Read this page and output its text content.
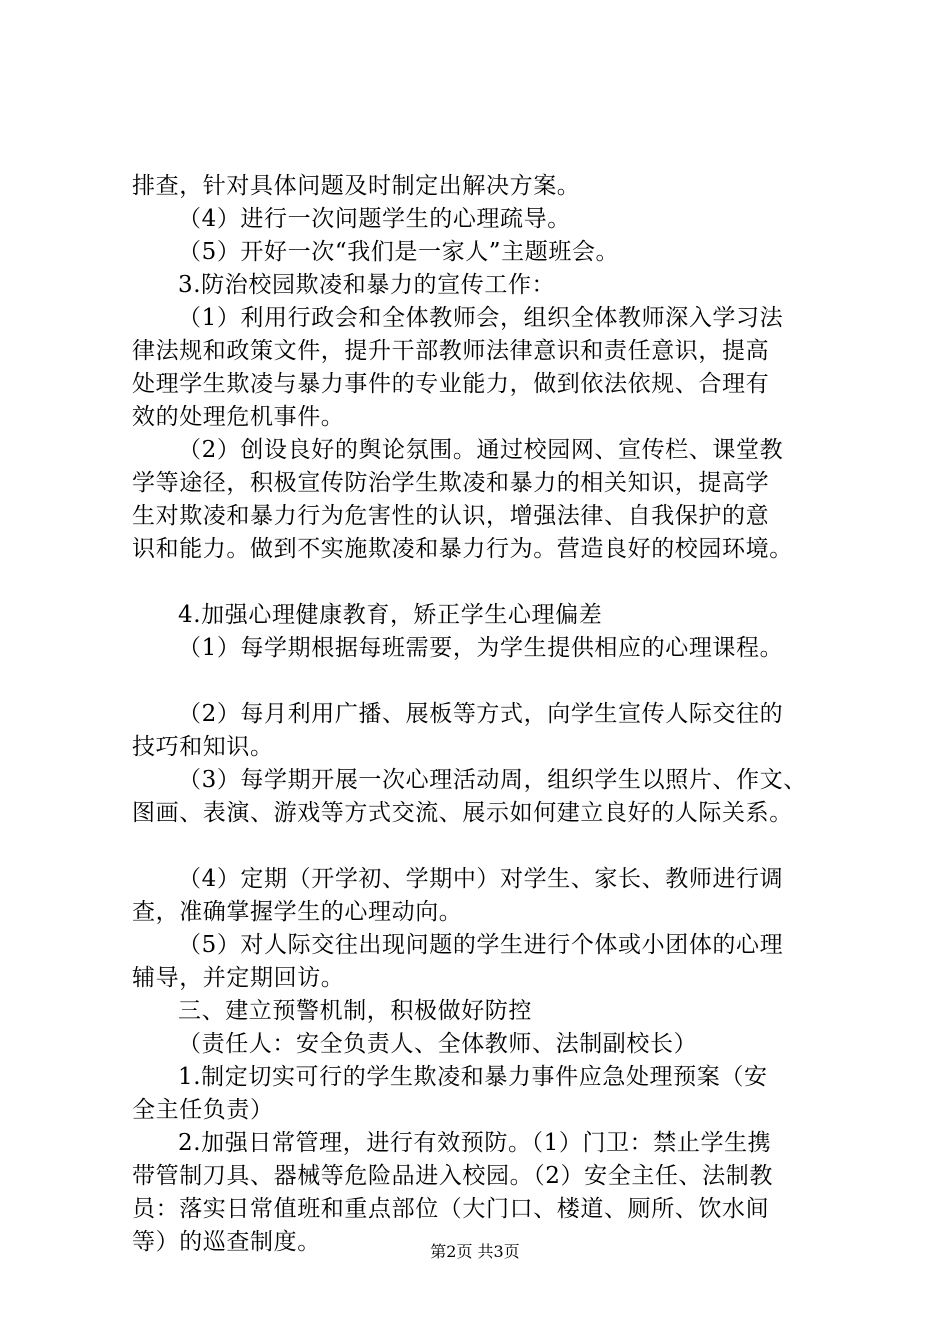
排查，针对具体问题及时制定出解决方案。
（4）进行一次问题学生的心理疏导。
（5）开好一次“我们是一家人”主题班会。
3.防治校园欺凌和暴力的宣传工作：
（1）利用行政会和全体教师会，组织全体教师深入学习法
律法规和政策文件，提升干部教师法律意识和责任意识，提高
处理学生欺凌与暴力事件的专业能力，做到依法依规、合理有
效的处理危机事件。
（2）创设良好的舆论氛围。通过校园网、宣传栏、课堂教
学等途径，积极宣传防治学生欺凌和暴力的相关知识，提高学
生对欺凌和暴力行为危害性的认识，增强法律、自我保护的意
识和能力。做到不实施欺凌和暴力行为。营造良好的校园环境。
4.加强心理健康教育，矫正学生心理偏差
（1）每学期根据每班需要，为学生提供相应的心理课程。
（2）每月利用广播、展板等方式，向学生宣传人际交往的
技巧和知识。
（3）每学期开展一次心理活动周，组织学生以照片、作文、
图画、表演、游戏等方式交流、展示如何建立良好的人际关系。
（4）定期（开学初、学期中）对学生、家长、教师进行调
查，准确掌握学生的心理动向。
（5）对人际交往出现问题的学生进行个体或小团体的心理
辅导，并定期回访。
三、建立预警机制，积极做好防控
（责任人：安全负责人、全体教师、法制副校长）
1.制定切实可行的学生欺凌和暴力事件应急处理预案（安
全主任负责）
2.加强日常管理，进行有效预防。（1）门卫：禁止学生携
带管制刀具、器械等危险品进入校园。（2）安全主任、法制教
员：落实日常值班和重点部位（大门口、楼道、厕所、饮水间
等）的巡查制度。	第2页 共3页
